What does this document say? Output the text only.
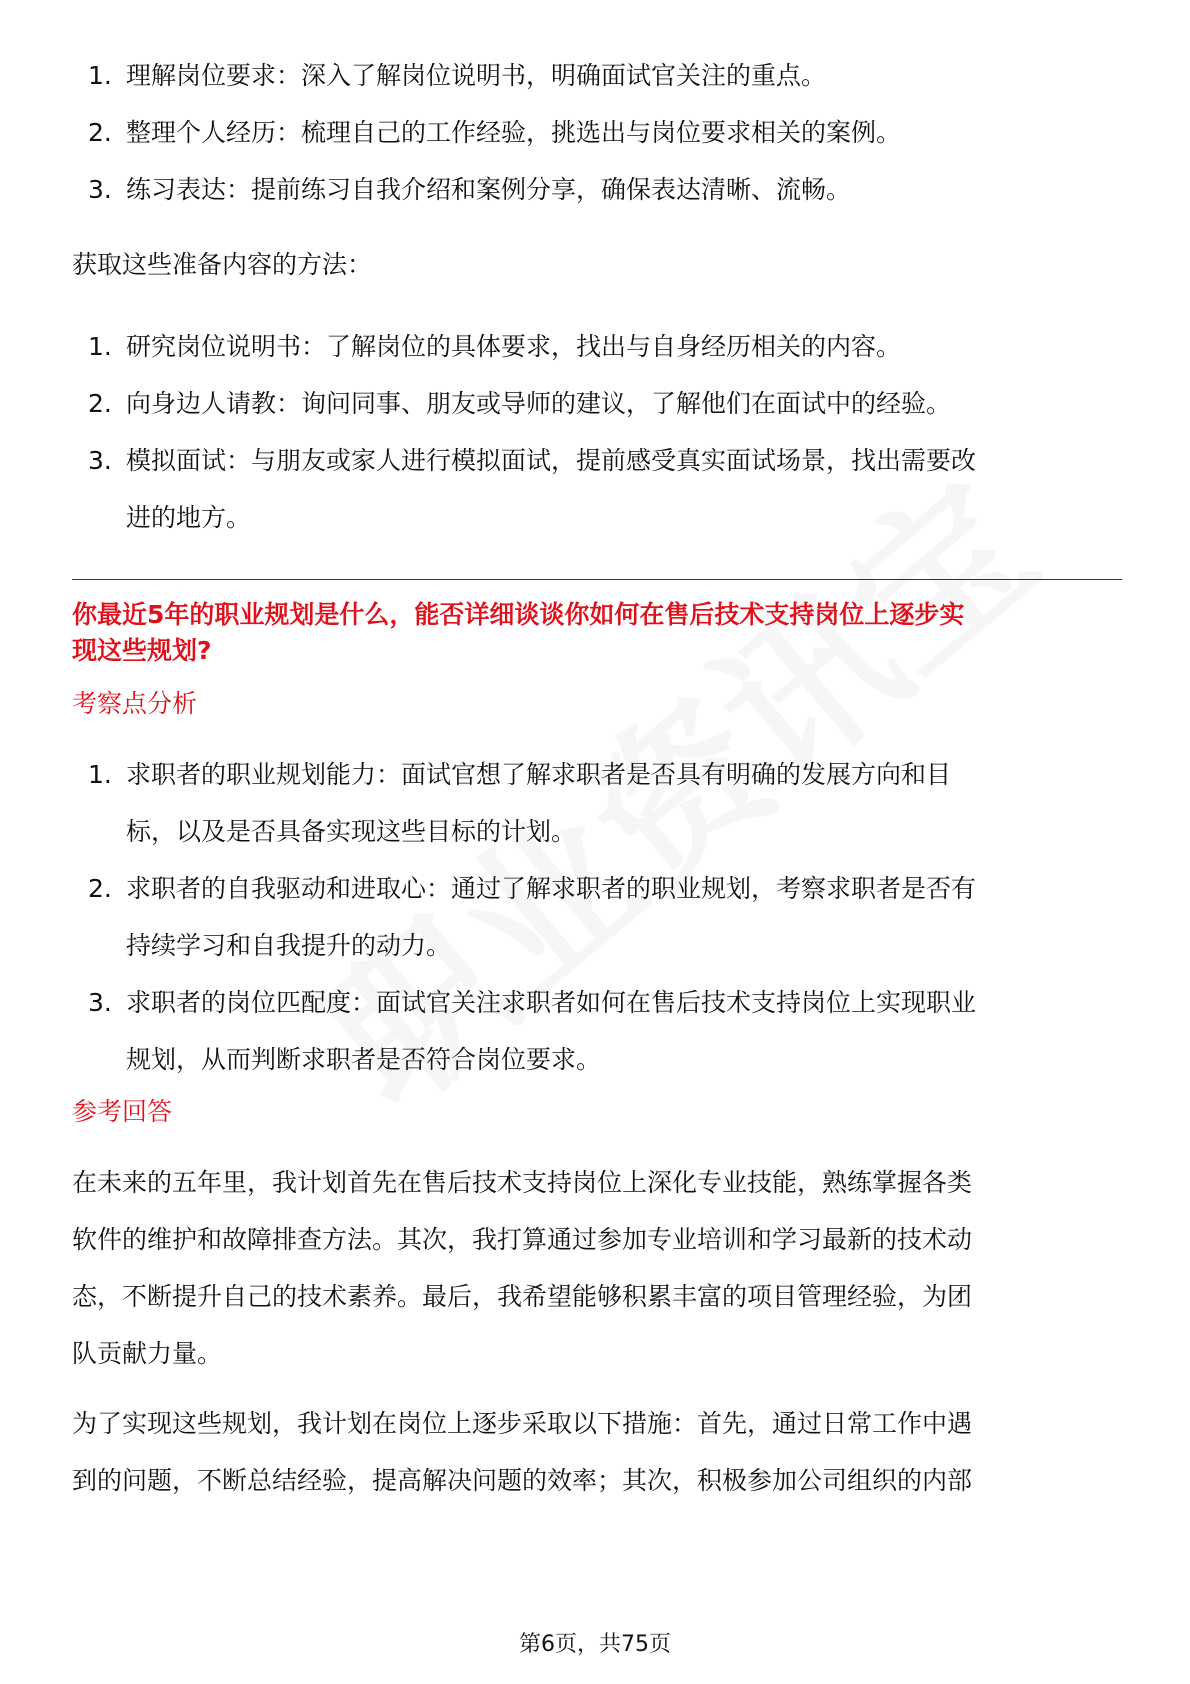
1. 理解岗位要求：深入了解岗位说明书，明确面试官关注的重点。
2. 整理个人经历：梳理自己的工作经验，挑选出与岗位要求相关的案例。
3. 练习表达：提前练习自我介绍和案例分享，确保表达清晰、流畅。

获取这些准备内容的方法：

1. 研究岗位说明书：了解岗位的具体要求，找出与自身经历相关的内容。
2. 向身边人请教：询问同事、朋友或导师的建议，了解他们在面试中的经验。
3. 模拟面试：与朋友或家人进行模拟面试，提前感受真实面试场景，找出需要改
进的地方。

你最近5年的职业规划是什么，能否详细谈谈你如何在售后技术支持岗位上逐步实
现这些规划?

考察点分析

1. 求职者的职业规划能力：面试官想了解求职者是否具有明确的发展方向和目
标，以及是否具备实现这些目标的计划。
2. 求职者的自我驱动和进取心：通过了解求职者的职业规划，考察求职者是否有
持续学习和自我提升的动力。
3. 求职者的岗位匹配度：面试官关注求职者如何在售后技术支持岗位上实现职业
规划，从而判断求职者是否符合岗位要求。

参考回答

在未来的五年里，我计划首先在售后技术支持岗位上深化专业技能，熟练掌握各类
软件的维护和故障排查方法。其次，我打算通过参加专业培训和学习最新的技术动
态，不断提升自己的技术素养。最后，我希望能够积累丰富的项目管理经验，为团
队贡献力量。
为了实现这些规划，我计划在岗位上逐步采取以下措施：首先，通过日常工作中遇
到的问题，不断总结经验，提高解决问题的效率；其次，积极参加公司组织的内部
第6页，共75页
